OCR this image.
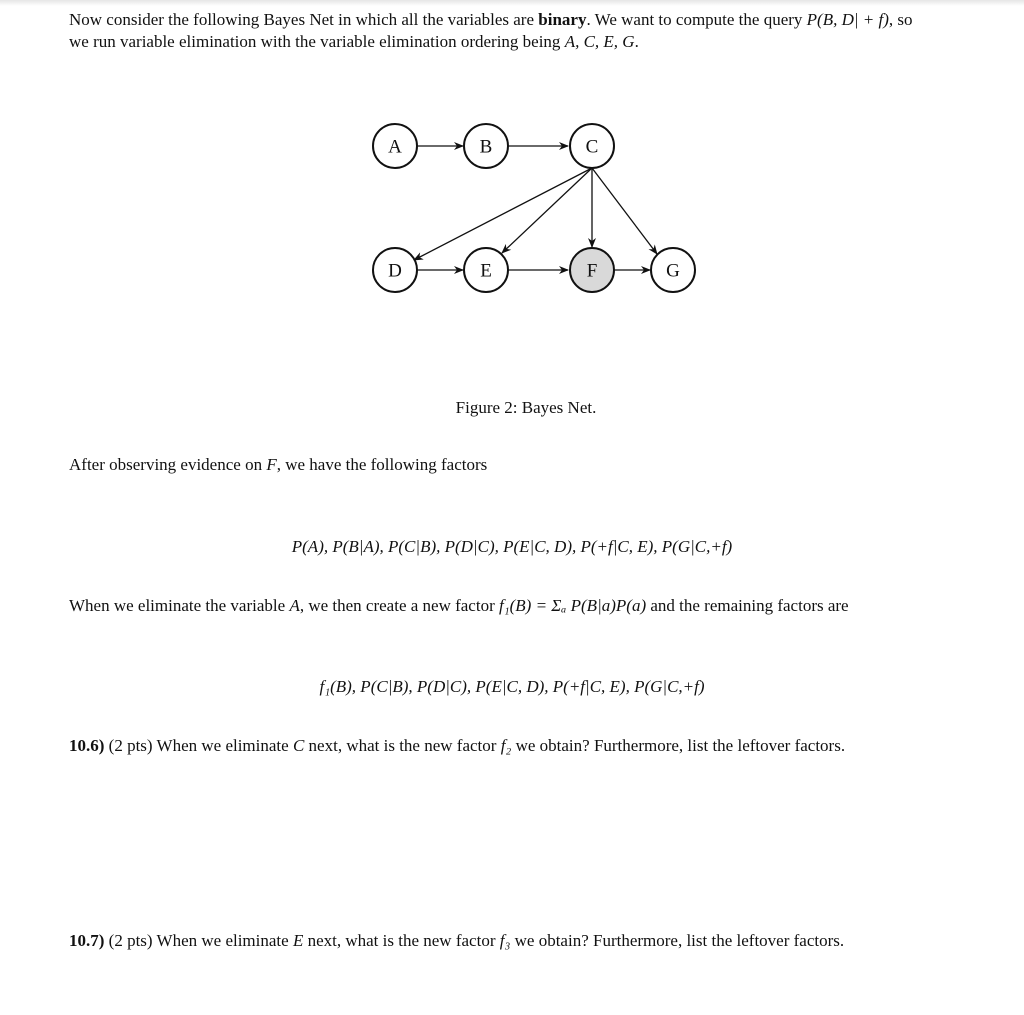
Now consider the following Bayes Net in which all the variables are binary. We want to compute the query P(B, D| + f), so
we run variable elimination with the variable elimination ordering being A, C, E, G.
A	B	C
D	E	F	G
Figure 2: Bayes Net.
After observing evidence on F, we have the following factors
P(A), P(B|A), P(C|B), P(D|C), P(E|C, D), P(+f|C, E), P(G|C,+f)
When we eliminate the variable A, we then create a new factor f₁(B) = Σₐ P(B|a)P(a) and the remaining factors are
f₁(B), P(C|B), P(D|C), P(E|C, D), P(+f|C, E), P(G|C,+f)
10.6) (2 pts) When we eliminate C next, what is the new factor f₂ we obtain? Furthermore, list the leftover factors.
10.7) (2 pts) When we eliminate E next, what is the new factor f₃ we obtain? Furthermore, list the leftover factors.
